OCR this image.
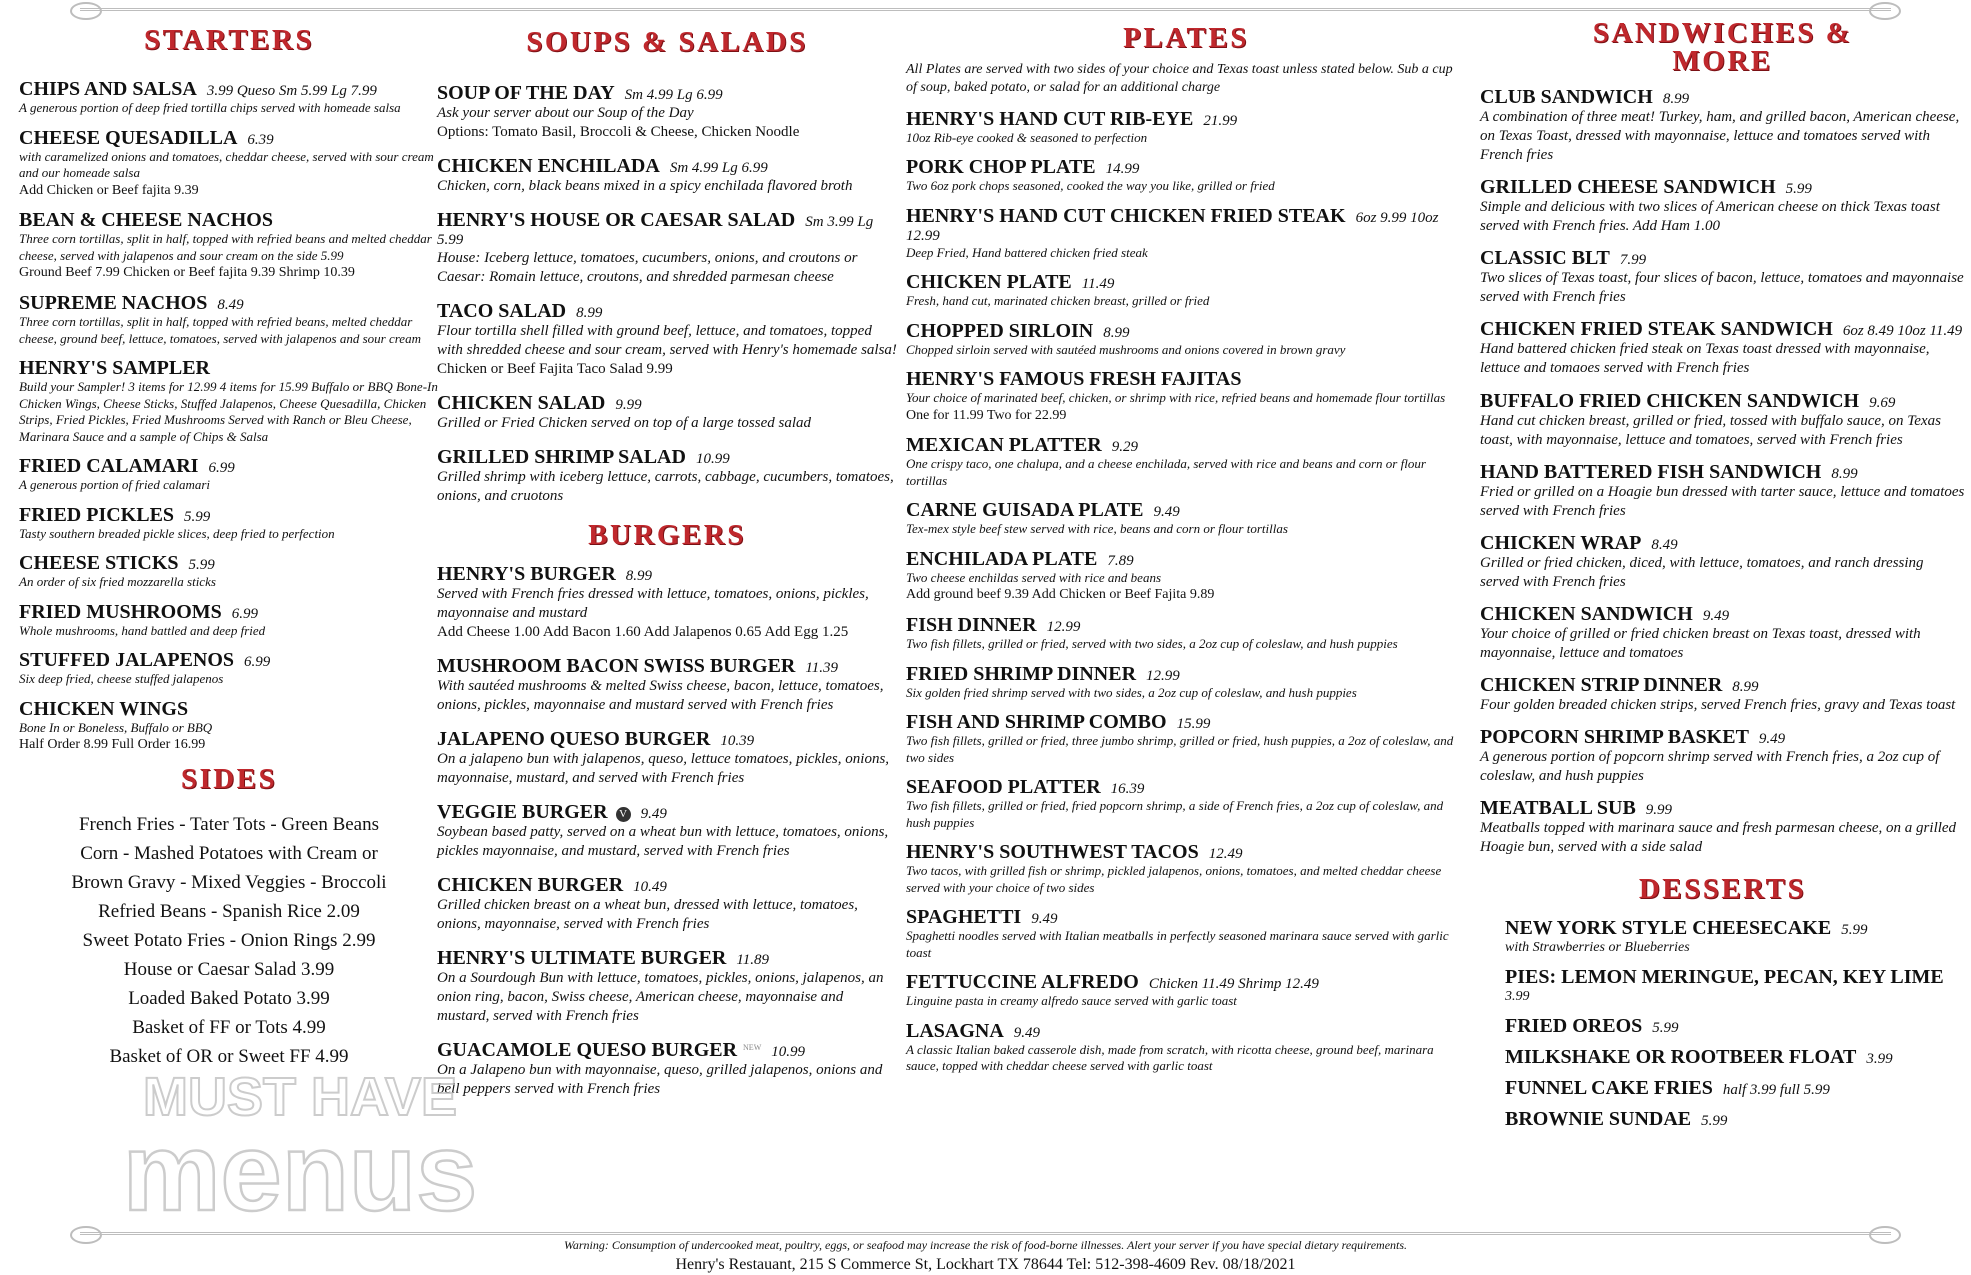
STARTERS
CHIPS AND SALSA 3.99 Queso Sm 5.99 Lg 7.99

A generous portion of deep fried tortilla chips served with homeade salsa

CHEESE QUESADILLA 6.39

with caramelized onions and tomatoes, cheddar cheese, served with sour cream and our homeade salsa

Add Chicken or Beef fajita 9.39

BEAN & CHEESE NACHOS

Three corn tortillas, split in half, topped with refried beans and melted cheddar cheese, served with jalapenos and sour cream on the side 5.99

Ground Beef 7.99 Chicken or Beef fajita 9.39 Shrimp 10.39

SUPREME NACHOS 8.49

Three corn tortillas, split in half, topped with refried beans, melted cheddar cheese, ground beef, lettuce, tomatoes, served with jalapenos and sour cream

HENRY'S SAMPLER

Build your Sampler! 3 items for 12.99 4 items for 15.99 Buffalo or BBQ Bone-In Chicken Wings, Cheese Sticks, Stuffed Jalapenos, Cheese Quesadilla, Chicken Strips, Fried Pickles, Fried Mushrooms Served with Ranch or Bleu Cheese, Marinara Sauce and a sample of Chips & Salsa

FRIED CALAMARI 6.99

A generous portion of fried calamari

FRIED PICKLES 5.99

Tasty southern breaded pickle slices, deep fried to perfection

CHEESE STICKS 5.99

An order of six fried mozzarella sticks

FRIED MUSHROOMS 6.99

Whole mushrooms, hand battled and deep fried

STUFFED JALAPENOS 6.99

Six deep fried, cheese stuffed jalapenos

CHICKEN WINGS

Bone In or Boneless, Buffalo or BBQ

Half Order 8.99 Full Order 16.99

SIDES
French Fries - Tater Tots - Green Beans
Corn - Mashed Potatoes with Cream or
Brown Gravy - Mixed Veggies - Broccoli
Refried Beans - Spanish Rice 2.09
Sweet Potato Fries - Onion Rings 2.99
House or Caesar Salad 3.99
Loaded Baked Potato 3.99
Basket of FF or Tots 4.99
Basket of OR or Sweet FF 4.99
SOUPS & SALADS
SOUP OF THE DAY Sm 4.99 Lg 6.99

Ask your server about our Soup of the Day

Options: Tomato Basil, Broccoli & Cheese, Chicken Noodle

CHICKEN ENCHILADA Sm 4.99 Lg 6.99

Chicken, corn, black beans mixed in a spicy enchilada flavored broth

HENRY'S HOUSE OR CAESAR SALAD Sm 3.99 Lg 5.99

House: Iceberg lettuce, tomatoes, cucumbers, onions, and croutons or Caesar: Romain lettuce, croutons, and shredded parmesan cheese

TACO SALAD 8.99

Flour tortilla shell filled with ground beef, lettuce, and tomatoes, topped with shredded cheese and sour cream, served with Henry's homemade salsa!

Chicken or Beef Fajita Taco Salad 9.99

CHICKEN SALAD 9.99

Grilled or Fried Chicken served on top of a large tossed salad

GRILLED SHRIMP SALAD 10.99

Grilled shrimp with iceberg lettuce, carrots, cabbage, cucumbers, tomatoes, onions, and cruotons

BURGERS
HENRY'S BURGER 8.99

Served with French fries dressed with lettuce, tomatoes, onions, pickles, mayonnaise and mustard

Add Cheese 1.00 Add Bacon 1.60 Add Jalapenos 0.65 Add Egg 1.25

MUSHROOM BACON SWISS BURGER 11.39

With sautéed mushrooms & melted Swiss cheese, bacon, lettuce, tomatoes, onions, pickles, mayonnaise and mustard served with French fries

JALAPENO QUESO BURGER 10.39

On a jalapeno bun with jalapenos, queso, lettuce tomatoes, pickles, onions, mayonnaise, mustard, and served with French fries

VEGGIE BURGER V 9.49

Soybean based patty, served on a wheat bun with lettuce, tomatoes, onions, pickles mayonnaise, and mustard, served with French fries

CHICKEN BURGER 10.49

Grilled chicken breast on a wheat bun, dressed with lettuce, tomatoes, onions, mayonnaise, served with French fries

HENRY'S ULTIMATE BURGER 11.89

On a Sourdough Bun with lettuce, tomatoes, pickles, onions, jalapenos, an onion ring, bacon, Swiss cheese, American cheese, mayonnaise and mustard, served with French fries

GUACAMOLE QUESO BURGER $^{NEW}$ 10.99

On a Jalapeno bun with mayonnaise, queso, grilled jalapenos, onions and bell peppers served with French fries

PLATES

All Plates are served with two sides of your choice and Texas toast unless stated below. Sub a cup of soup, baked potato, or salad for an additional charge

HENRY'S HAND CUT RIB-EYE 21.99

10oz Rib-eye cooked & seasoned to perfection

PORK CHOP PLATE 14.99

Two 6oz pork chops seasoned, cooked the way you like, grilled or fried

HENRY'S HAND CUT CHICKEN FRIED STEAK 6oz 9.99 10oz 12.99

Deep Fried, Hand battered chicken fried steak

CHICKEN PLATE 11.49

Fresh, hand cut, marinated chicken breast, grilled or fried

CHOPPED SIRLOIN 8.99

Chopped sirloin served with sautéed mushrooms and onions covered in brown gravy

HENRY'S FAMOUS FRESH FAJITAS

Your choice of marinated beef, chicken, or shrimp with rice, refried beans and homemade flour tortillas

One for 11.99 Two for 22.99

MEXICAN PLATTER 9.29

One crispy taco, one chalupa, and a cheese enchilada, served with rice and beans and corn or flour tortillas

CARNE GUISADA PLATE 9.49

Tex-mex style beef stew served with rice, beans and corn or flour tortillas

ENCHILADA PLATE 7.89

Two cheese enchildas served with rice and beans

Add ground beef 9.39 Add Chicken or Beef Fajita 9.89

FISH DINNER 12.99

Two fish fillets, grilled or fried, served with two sides, a 2oz cup of coleslaw, and hush puppies

FRIED SHRIMP DINNER 12.99

Six golden fried shrimp served with two sides, a 2oz cup of coleslaw, and hush puppies

FISH AND SHRIMP COMBO 15.99

Two fish fillets, grilled or fried, three jumbo shrimp, grilled or fried, hush puppies, a 2oz of coleslaw, and two sides

SEAFOOD PLATTER 16.39

Two fish fillets, grilled or fried, fried popcorn shrimp, a side of French fries, a 2oz cup of coleslaw, and hush puppies

HENRY'S SOUTHWEST TACOS 12.49

Two tacos, with grilled fish or shrimp, pickled jalapenos, onions, tomatoes, and melted cheddar cheese served with your choice of two sides

SPAGHETTI 9.49

Spaghetti noodles served with Italian meatballs in perfectly seasoned marinara sauce served with garlic toast

FETTUCCINE ALFREDO Chicken 11.49 Shrimp 12.49

Linguine pasta in creamy alfredo sauce served with garlic toast

LASAGNA 9.49

A classic Italian baked casserole dish, made from scratch, with ricotta cheese, ground beef, marinara sauce, topped with cheddar cheese served with garlic toast

SANDWICHES & MORE
CLUB SANDWICH 8.99

A combination of three meat! Turkey, ham, and grilled bacon, American cheese, on Texas Toast, dressed with mayonnaise, lettuce and tomatoes served with French fries

GRILLED CHEESE SANDWICH 5.99

Simple and delicious with two slices of American cheese on thick Texas toast served with French fries. Add Ham 1.00

CLASSIC BLT 7.99

Two slices of Texas toast, four slices of bacon, lettuce, tomatoes and mayonnaise served with French fries

CHICKEN FRIED STEAK SANDWICH 6oz 8.49 10oz 11.49

Hand battered chicken fried steak on Texas toast dressed with mayonnaise, lettuce and tomaoes served with French fries

BUFFALO FRIED CHICKEN SANDWICH 9.69

Hand cut chicken breast, grilled or fried, tossed with buffalo sauce, on Texas toast, with mayonnaise, lettuce and tomatoes, served with French fries

HAND BATTERED FISH SANDWICH 8.99

Fried or grilled on a Hoagie bun dressed with tarter sauce, lettuce and tomatoes served with French fries

CHICKEN WRAP 8.49

Grilled or fried chicken, diced, with lettuce, tomatoes, and ranch dressing served with French fries

CHICKEN SANDWICH 9.49

Your choice of grilled or fried chicken breast on Texas toast, dressed with mayonnaise, lettuce and tomatoes

CHICKEN STRIP DINNER 8.99

Four golden breaded chicken strips, served French fries, gravy and Texas toast

POPCORN SHRIMP BASKET 9.49

A generous portion of popcorn shrimp served with French fries, a 2oz cup of coleslaw, and hush puppies

MEATBALL SUB 9.99

Meatballs topped with marinara sauce and fresh parmesan cheese, on a grilled Hoagie bun, served with a side salad

DESSERTS
NEW YORK STYLE CHEESECAKE 5.99

with Strawberries or Blueberries

PIES: LEMON MERINGUE, PECAN, KEY LIME

3.99

FRIED OREOS 5.99
MILKSHAKE OR ROOTBEER FLOAT 3.99
FUNNEL CAKE FRIES half 3.99 full 5.99
BROWNIE SUNDAE 5.99
MUST HAVE
menus
Warning: Consumption of undercooked meat, poultry, eggs, or seafood may increase the risk of food-borne illnesses. Alert your server if you have special dietary requirements.
Henry's Restauant, 215 S Commerce St, Lockhart TX 78644 Tel: 512-398-4609 Rev. 08/18/2021
